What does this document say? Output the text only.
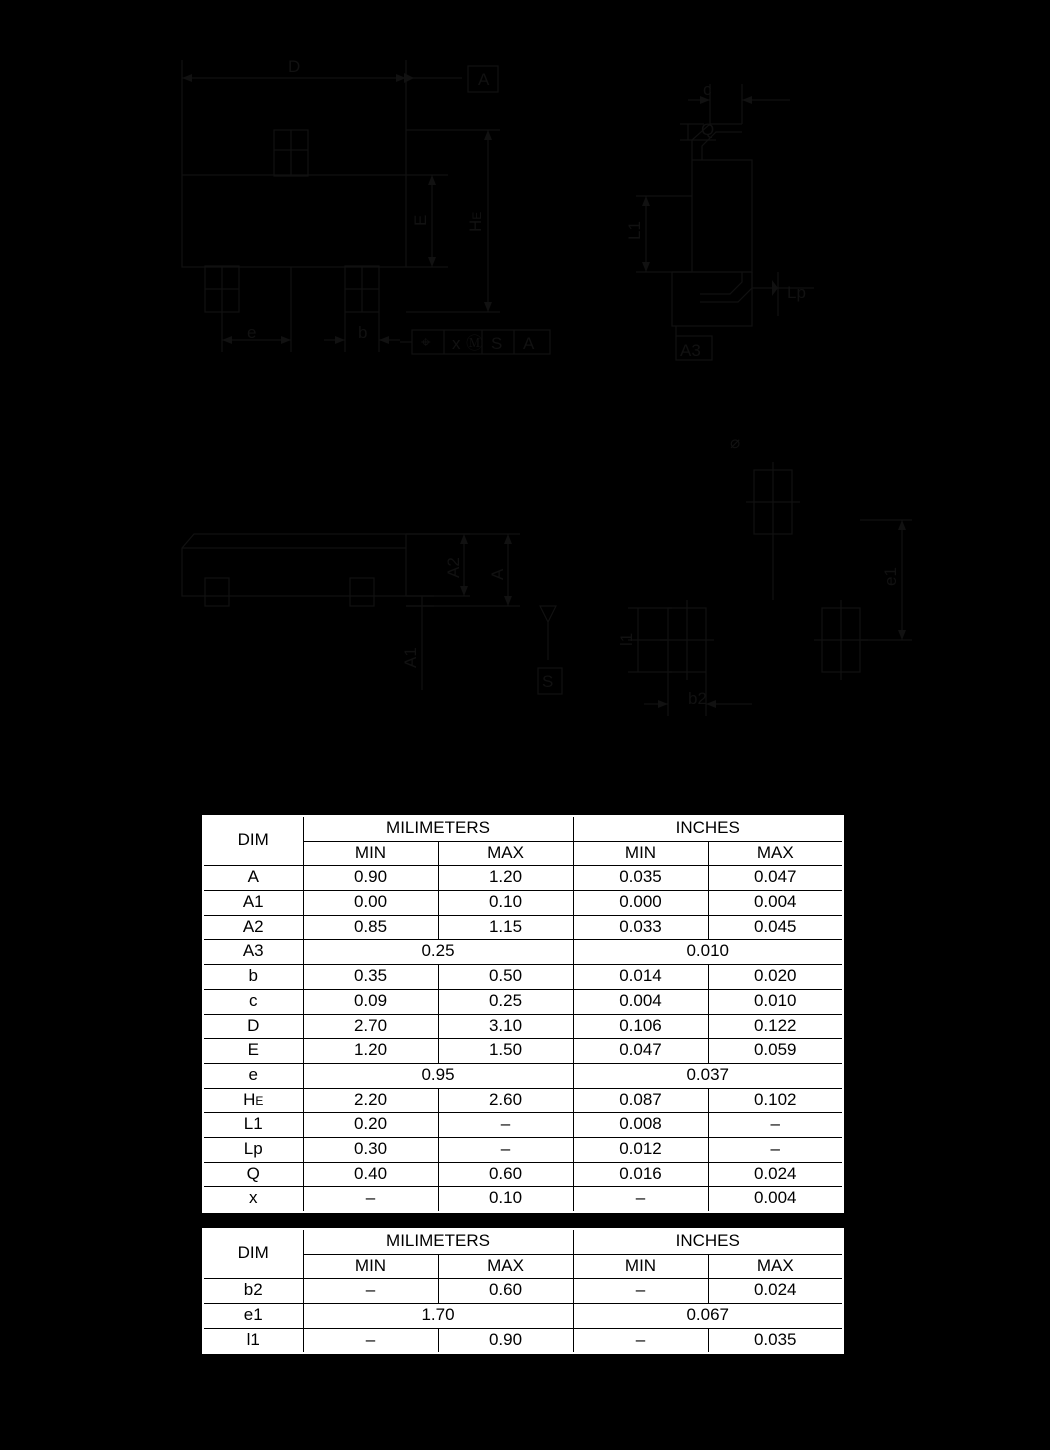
D
A
E HE
e	b
⌖ x Ⓜ S A
c
Q
L1
Lp
A3
A2 A
A1
S
⌀
b2
e1
l1
DIM	MILIMETERS		INCHES	
	MIN	MAX	MIN	MAX
A	0.90	1.20	0.035	0.047
A1	0.00	0.10	0.000	0.004
A2	0.85	1.15	0.033	0.045
A3	0.25		0.010	
b	0.35	0.50	0.014	0.020
c	0.09	0.25	0.004	0.010
D	2.70	3.10	0.106	0.122
E	1.20	1.50	0.047	0.059
e	0.95		0.037	
HE	2.20	2.60	0.087	0.102
L1	0.20	–	0.008	–
Lp	0.30	–	0.012	–
Q	0.40	0.60	0.016	0.024
x	–	0.10	–	0.004
DIM	MILIMETERS		INCHES	
	MIN	MAX	MIN	MAX
b2	–	0.60	–	0.024
e1	1.70		0.067	
l1	–	0.90	–	0.035
